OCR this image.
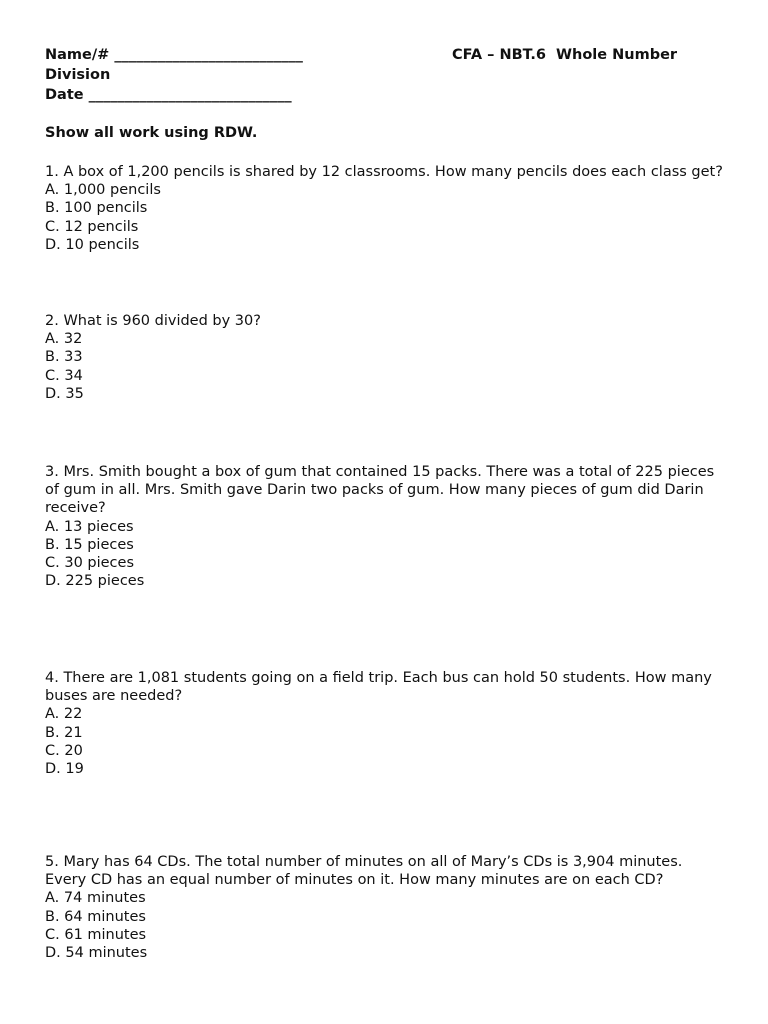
Name/# __________________________
Division
Date ____________________________
CFA – NBT.6  Whole Number
Show all work using RDW.
1. A box of 1,200 pencils is shared by 12 classrooms. How many pencils does each class get?
A. 1,000 pencils
B. 100 pencils
C. 12 pencils
D. 10 pencils
2. What is 960 divided by 30?
A. 32
B. 33
C. 34
D. 35
3. Mrs. Smith bought a box of gum that contained 15 packs. There was a total of 225 pieces of gum in all. Mrs. Smith gave Darin two packs of gum. How many pieces of gum did Darin receive?
A. 13 pieces
B. 15 pieces
C. 30 pieces
D. 225 pieces
4. There are 1,081 students going on a field trip. Each bus can hold 50 students. How many buses are needed?
A. 22
B. 21
C. 20
D. 19
5. Mary has 64 CDs. The total number of minutes on all of Mary’s CDs is 3,904 minutes. Every CD has an equal number of minutes on it. How many minutes are on each CD?
A. 74 minutes
B. 64 minutes
C. 61 minutes
D. 54 minutes
